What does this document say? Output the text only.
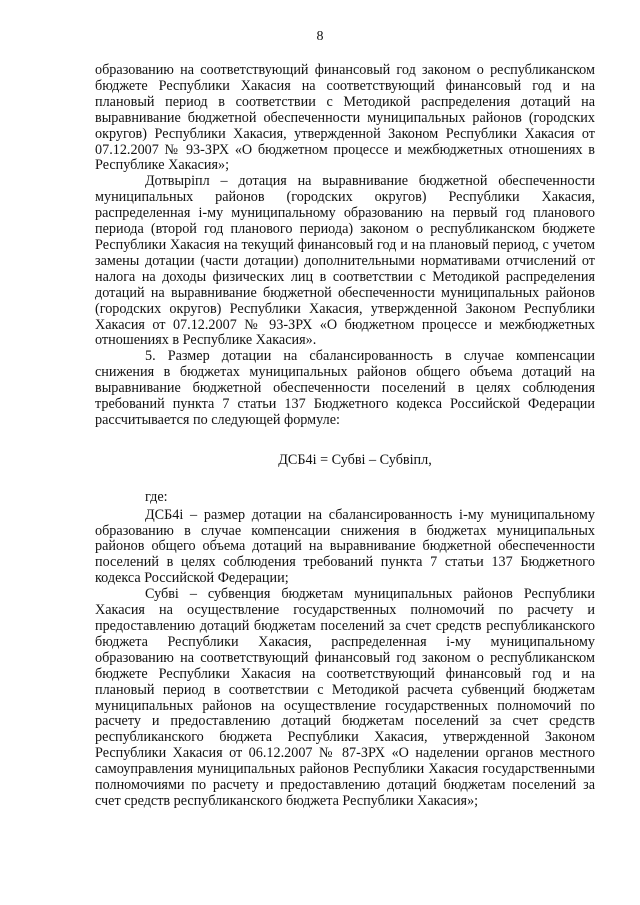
8

образованию на соответствующий финансовый год законом о республиканском бюджете Республики Хакасия на соответствующий финансовый год и на плановый период в соответствии с Методикой распределения дотаций на выравнивание бюджетной обеспеченности муниципальных районов (городских округов) Республики Хакасия, утвержденной Законом Республики Хакасия от 07.12.2007 № 93-ЗРХ «О бюджетном процессе и межбюджетных отношениях в Республике Хакасия»;

Дотвыріпл – дотация на выравнивание бюджетной обеспеченности муниципальных районов (городских округов) Республики Хакасия, распределенная i-му муниципальному образованию на первый год планового периода (второй год планового периода) законом о республиканском бюджете Республики Хакасия на текущий финансовый год и на плановый период, с учетом замены дотации (части дотации) дополнительными нормативами отчислений от налога на доходы физических лиц в соответствии с Методикой распределения дотаций на выравнивание бюджетной обеспеченности муниципальных районов (городских округов) Республики Хакасия, утвержденной Законом Республики Хакасия от 07.12.2007 № 93-ЗРХ «О бюджетном процессе и межбюджетных отношениях в Республике Хакасия».

5. Размер дотации на сбалансированность в случае компенсации снижения в бюджетах муниципальных районов общего объема дотаций на выравнивание бюджетной обеспеченности поселений в целях соблюдения требований пункта 7 статьи 137 Бюджетного кодекса Российской Федерации рассчитывается по следующей формуле:

ДСБ4і = Субві – Субвіпл,

где:

ДСБ4і – размер дотации на сбалансированность і-му муниципальному образованию в случае компенсации снижения в бюджетах муниципальных районов общего объема дотаций на выравнивание бюджетной обеспеченности поселений в целях соблюдения требований пункта 7 статьи 137 Бюджетного кодекса Российской Федерации;

Субві – субвенция бюджетам муниципальных районов Республики Хакасия на осуществление государственных полномочий по расчету и предоставлению дотаций бюджетам поселений за счет средств республиканского бюджета Республики Хакасия, распределенная і-му муниципальному образованию на соответствующий финансовый год законом о республиканском бюджете Республики Хакасия на соответствующий финансовый год и на плановый период в соответствии с Методикой расчета субвенций бюджетам муниципальных районов на осуществление государственных полномочий по расчету и предоставлению дотаций бюджетам поселений за счет средств республиканского бюджета Республики Хакасия, утвержденной Законом Республики Хакасия от 06.12.2007 № 87-ЗРХ «О наделении органов местного самоуправления муниципальных районов Республики Хакасия государственными полномочиями по расчету и предоставлению дотаций бюджетам поселений за счет средств республиканского бюджета Республики Хакасия»;
